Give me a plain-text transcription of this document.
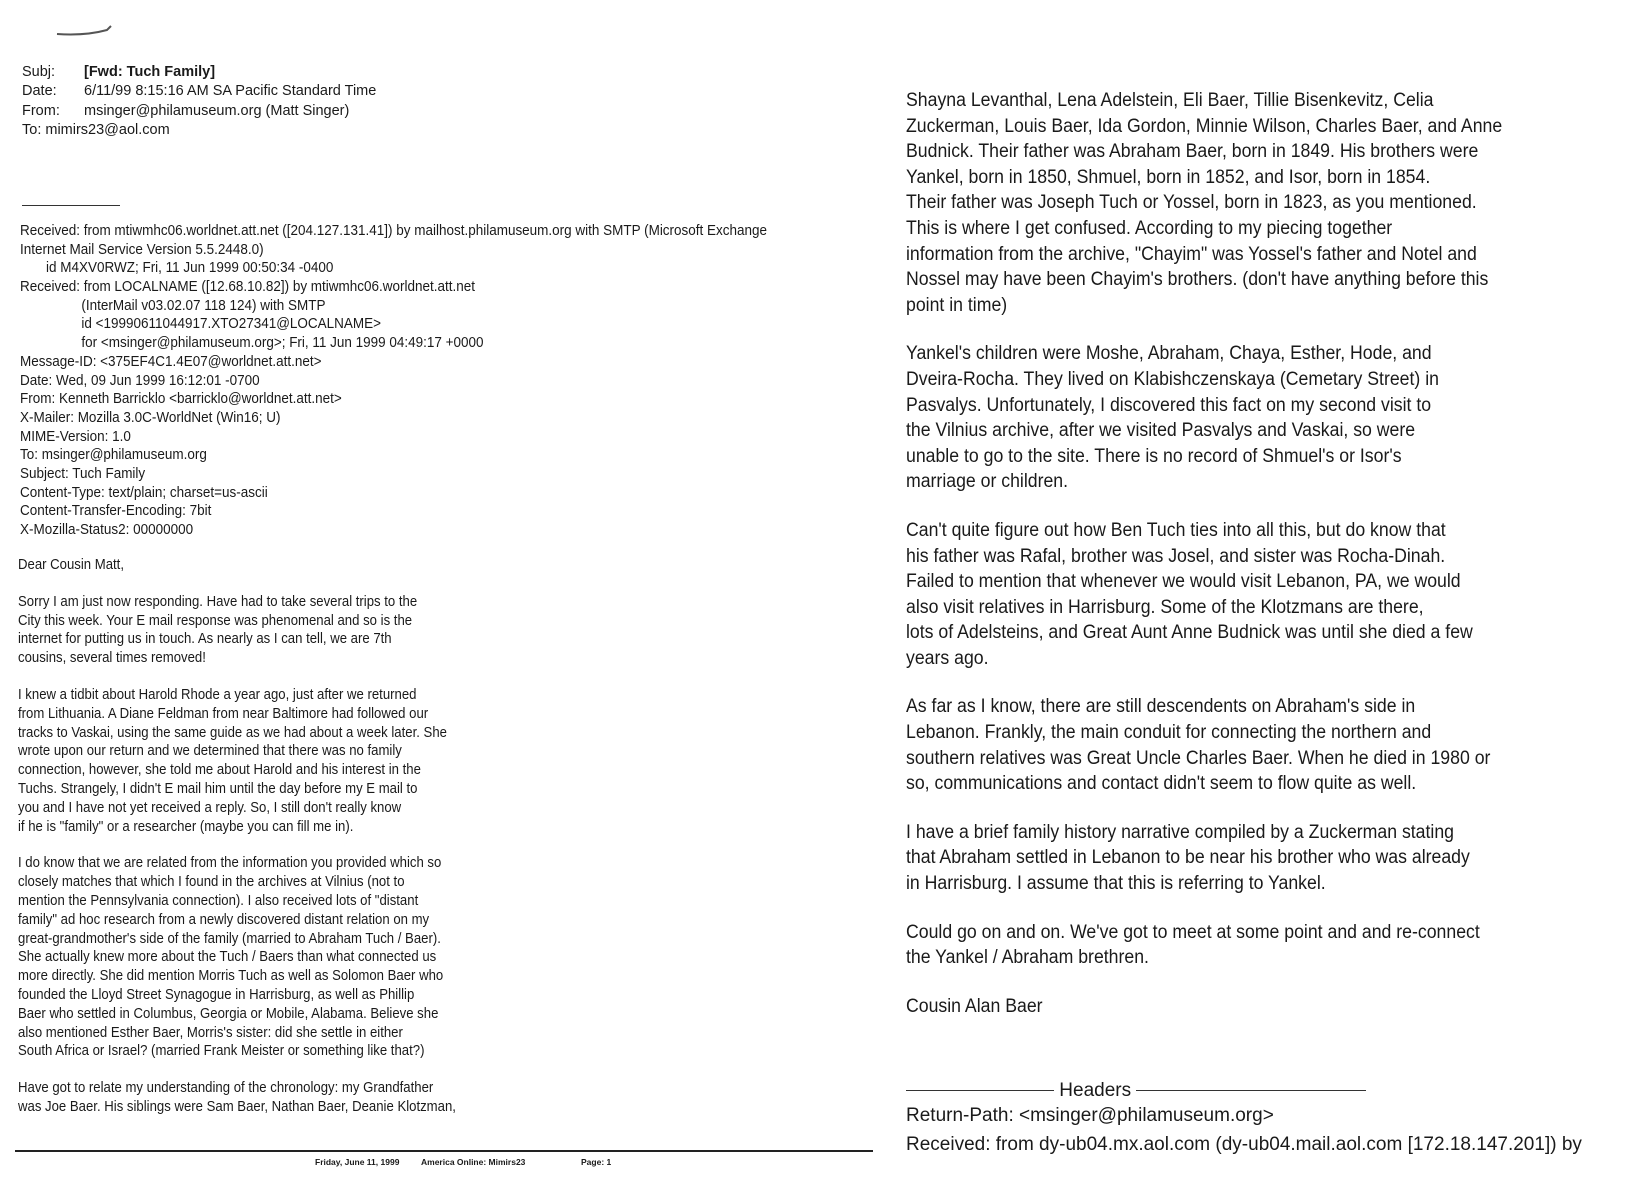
Subj: [Fwd: Tuch Family]
Date: 6/11/99 8:15:16 AM SA Pacific Standard Time
From: msinger@philamuseum.org (Matt Singer)
To: mimirs23@aol.com
Received: from mtiwmhc06.worldnet.att.net ([204.127.131.41]) by mailhost.philamuseum.org with SMTP (Microsoft Exchange
Internet Mail Service Version 5.5.2448.0)
id M4XV0RWZ; Fri, 11 Jun 1999 00:50:34 -0400
Received: from LOCALNAME ([12.68.10.82]) by mtiwmhc06.worldnet.att.net
(InterMail v03.02.07 118 124) with SMTP
id <19990611044917.XTO27341@LOCALNAME>
for <msinger@philamuseum.org>; Fri, 11 Jun 1999 04:49:17 +0000
Message-ID: <375EF4C1.4E07@worldnet.att.net>
Date: Wed, 09 Jun 1999 16:12:01 -0700
From: Kenneth Barricklo <barricklo@worldnet.att.net>
X-Mailer: Mozilla 3.0C-WorldNet (Win16; U)
MIME-Version: 1.0
To: msinger@philamuseum.org
Subject: Tuch Family
Content-Type: text/plain; charset=us-ascii
Content-Transfer-Encoding: 7bit
X-Mozilla-Status2: 00000000
Dear Cousin Matt,
Sorry I am just now responding. Have had to take several trips to the
City this week. Your E mail response was phenomenal and so is the
internet for putting us in touch. As nearly as I can tell, we are 7th
cousins, several times removed!
I knew a tidbit about Harold Rhode a year ago, just after we returned
from Lithuania. A Diane Feldman from near Baltimore had followed our
tracks to Vaskai, using the same guide as we had about a week later. She
wrote upon our return and we determined that there was no family
connection, however, she told me about Harold and his interest in the
Tuchs. Strangely, I didn't E mail him until the day before my E mail to
you and I have not yet received a reply. So, I still don't really know
if he is "family" or a researcher (maybe you can fill me in).
I do know that we are related from the information you provided which so
closely matches that which I found in the archives at Vilnius (not to
mention the Pennsylvania connection). I also received lots of "distant
family" ad hoc research from a newly discovered distant relation on my
great-grandmother's side of the family (married to Abraham Tuch / Baer).
She actually knew more about the Tuch / Baers than what connected us
more directly. She did mention Morris Tuch as well as Solomon Baer who
founded the Lloyd Street Synagogue in Harrisburg, as well as Phillip
Baer who settled in Columbus, Georgia or Mobile, Alabama. Believe she
also mentioned Esther Baer, Morris's sister: did she settle in either
South Africa or Israel? (married Frank Meister or something like that?)
Have got to relate my understanding of the chronology: my Grandfather
was Joe Baer. His siblings were Sam Baer, Nathan Baer, Deanie Klotzman,
Friday, June 11, 1999	America Online: Mimirs23	Page: 1
Shayna Levanthal, Lena Adelstein, Eli Baer, Tillie Bisenkevitz, Celia
Zuckerman, Louis Baer, Ida Gordon, Minnie Wilson, Charles Baer, and Anne
Budnick. Their father was Abraham Baer, born in 1849. His brothers were
Yankel, born in 1850, Shmuel, born in 1852, and Isor, born in 1854.
Their father was Joseph Tuch or Yossel, born in 1823, as you mentioned.
This is where I get confused. According to my piecing together
information from the archive, "Chayim" was Yossel's father and Notel and
Nossel may have been Chayim's brothers. (don't have anything before this
point in time)
Yankel's children were Moshe, Abraham, Chaya, Esther, Hode, and
Dveira-Rocha. They lived on Klabishczenskaya (Cemetary Street) in
Pasvalys. Unfortunately, I discovered this fact on my second visit to
the Vilnius archive, after we visited Pasvalys and Vaskai, so were
unable to go to the site. There is no record of Shmuel's or Isor's
marriage or children.
Can't quite figure out how Ben Tuch ties into all this, but do know that
his father was Rafal, brother was Josel, and sister was Rocha-Dinah.
Failed to mention that whenever we would visit Lebanon, PA, we would
also visit relatives in Harrisburg. Some of the Klotzmans are there,
lots of Adelsteins, and Great Aunt Anne Budnick was until she died a few
years ago.
As far as I know, there are still descendents on Abraham's side in
Lebanon. Frankly, the main conduit for connecting the northern and
southern relatives was Great Uncle Charles Baer. When he died in 1980 or
so, communications and contact didn't seem to flow quite as well.
I have a brief family history narrative compiled by a Zuckerman stating
that Abraham settled in Lebanon to be near his brother who was already
in Harrisburg. I assume that this is referring to Yankel.
Could go on and on. We've got to meet at some point and and re-connect
the Yankel / Abraham brethren.
Cousin Alan Baer
Headers
Return-Path: <msinger@philamuseum.org>
Received: from dy-ub04.mx.aol.com (dy-ub04.mail.aol.com [172.18.147.201]) by
